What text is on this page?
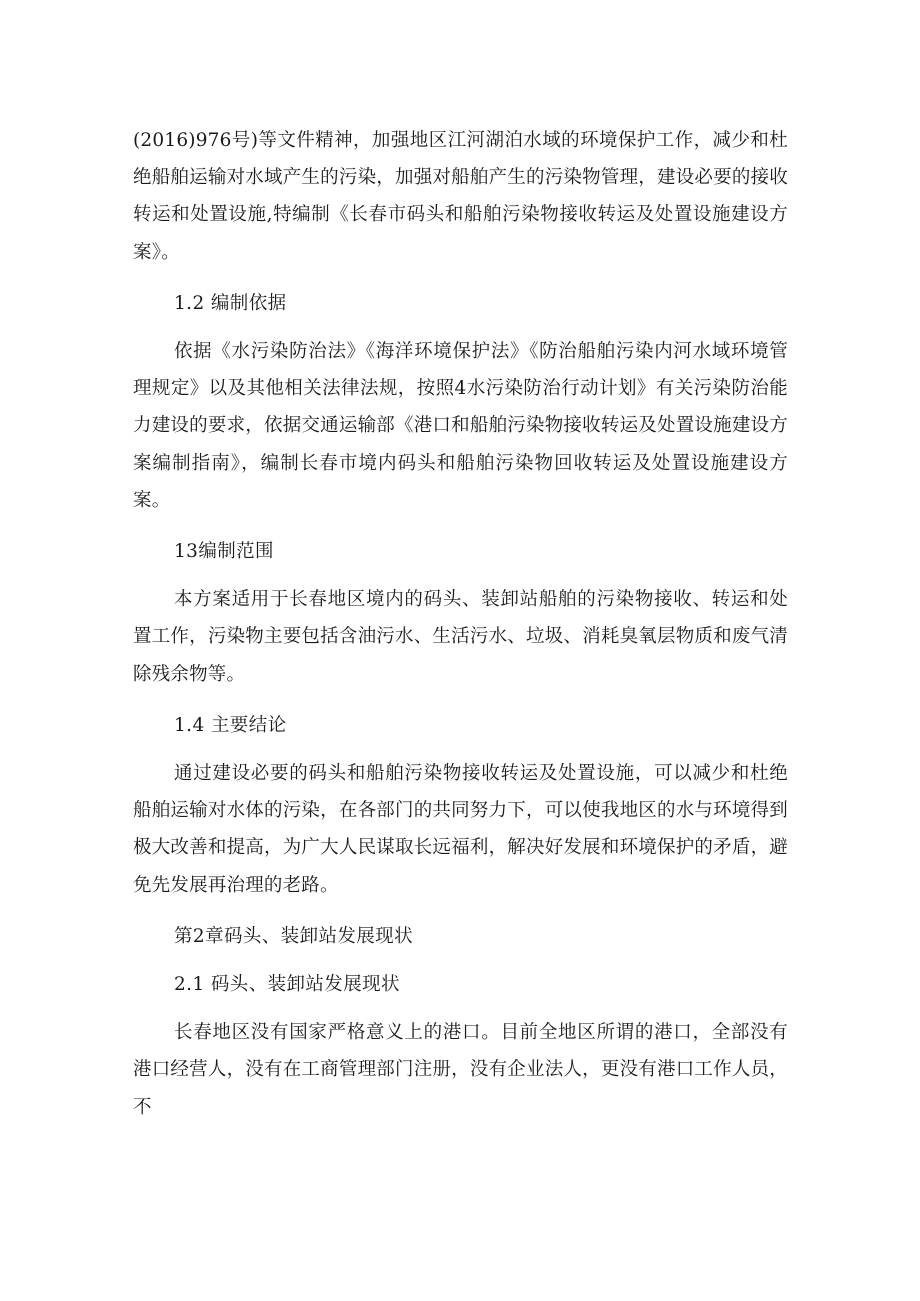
(2016)976号)等文件精神，加强地区江河湖泊水域的环境保护工作，减少和杜绝船舶运输对水域产生的污染，加强对船舶产生的污染物管理，建设必要的接收转运和处置设施,特编制《长春市码头和船舶污染物接收转运及处置设施建设方案》。

1.2 编制依据

依据《水污染防治法》《海洋环境保护法》《防治船舶污染内河水域环境管理规定》以及其他相关法律法规，按照4水污染防治行动计划》有关污染防治能力建设的要求，依据交通运输部《港口和船舶污染物接收转运及处置设施建设方案编制指南》，编制长春市境内码头和船舶污染物回收转运及处置设施建设方案。

13编制范围

本方案适用于长春地区境内的码头、装卸站船舶的污染物接收、转运和处置工作，污染物主要包括含油污水、生活污水、垃圾、消耗臭氧层物质和废气清除残余物等。

1.4 主要结论

通过建设必要的码头和船舶污染物接收转运及处置设施，可以减少和杜绝船舶运输对水体的污染，在各部门的共同努力下，可以使我地区的水与环境得到极大改善和提高，为广大人民谋取长远福利，解决好发展和环境保护的矛盾，避免先发展再治理的老路。

第2章码头、装卸站发展现状

2.1 码头、装卸站发展现状

长春地区没有国家严格意义上的港口。目前全地区所谓的港口，全部没有港口经营人，没有在工商管理部门注册，没有企业法人，更没有港口工作人员，不
